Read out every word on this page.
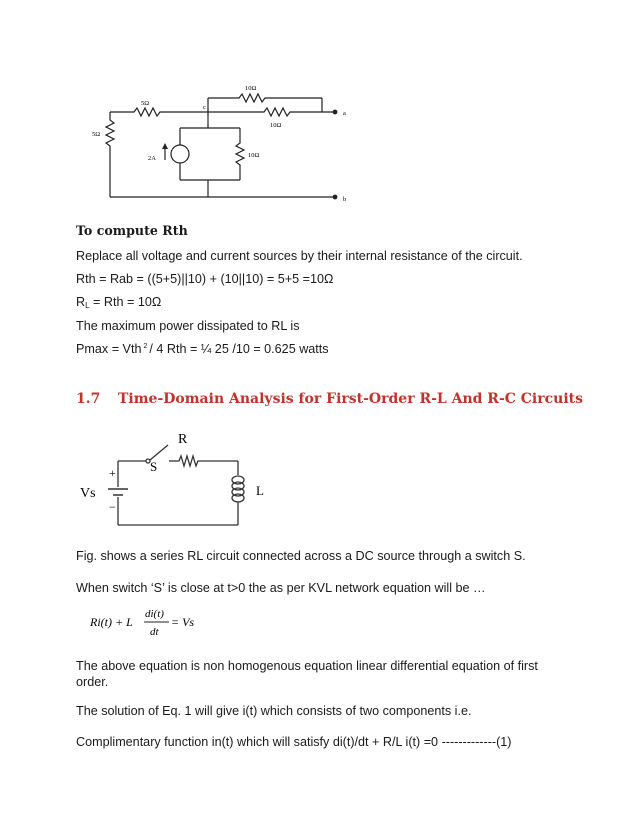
10Ω
5Ω
5Ω
10Ω
10Ω
2A
c
a
b
To compute Rth
Replace all voltage and current sources by their internal resistance of the circuit.
Rth = Rab = ((5+5)||10) + (10||10) = 5+5 =10Ω
RL = Rth = 10Ω
The maximum power dissipated to RL is
Pmax = Vth $^2$ / 4 Rth = ¼ 25 /10 = 0.625 watts
1.7 Time-Domain Analysis for First-Order R-L And R-C Circuits
R
S
Vs	L
+
−
Fig. shows a series RL circuit connected across a DC source through a switch S.
When switch ‘S’ is close at t>0 the as per KVL network equation will be …
Ri(t) + L
di(t)
dt
= Vs
The above equation is non homogenous equation linear differential equation of first order.
The solution of Eq. 1 will give i(t) which consists of two components i.e.
Complimentary function in(t) which will satisfy di(t)/dt + R/L i(t) =0 -------------(1)
